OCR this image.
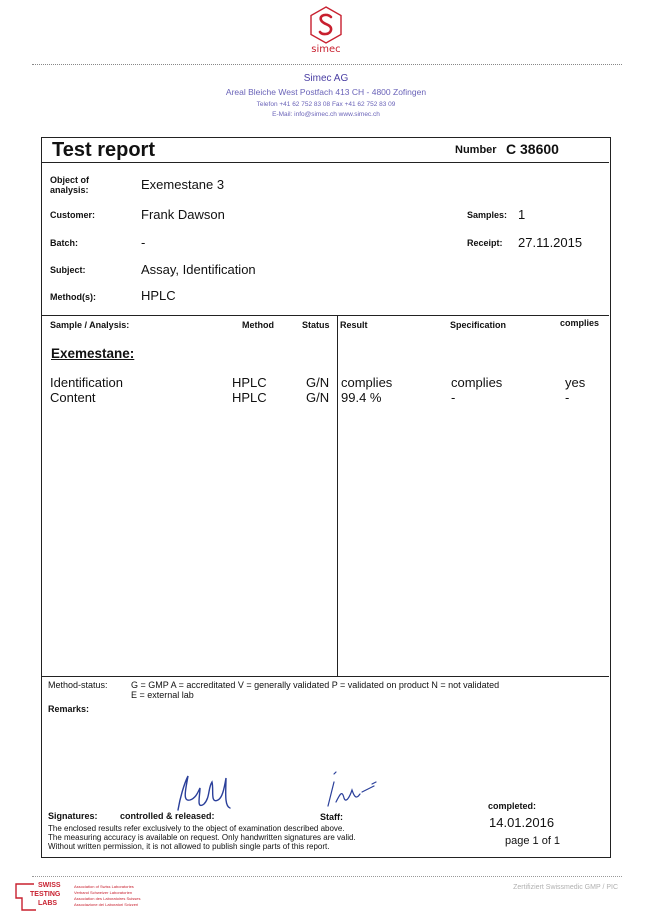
simec
Simec AG
Areal Bleiche West Postfach 413 CH - 4800 Zofingen
Telefon +41 62 752 83 08 Fax +41 62 752 83 09
E-Mail: info@simec.ch www.simec.ch
Test report	Number C 38600
Object of analysis:	Exemestane 3
Customer:	Frank Dawson	Samples: 1
Batch:	-	Receipt: 27.11.2015
Subject:	Assay, Identification
Method(s):	HPLC
Sample / Analysis:	Method	Status Result	Specification	complies
Exemestane:
Identification	HPLC	G/N complies	complies	yes
Content	HPLC	G/N 99.4 %	-	-
Method-status:	G = GMP A = accreditated V = generally validated P = validated on product N = not validated
E = external lab
Remarks:
Signatures: controlled & released:	Staff:
completed:
14.01.2016
page 1 of 1
The enclosed results refer exclusively to the object of examination described above.
The measuring accuracy is available on request. Only handwritten signatures are valid.
Without written permission, it is not allowed to publish single parts of this report.
SWISS
TESTING
LABS
Association of Swiss Laboratories
Verband Schweizer Laboratorien
Association des Laboratoires Suisses
Associazione dei Laboratori Svizzeri
Zertifiziert Swissmedic GMP / PIC
